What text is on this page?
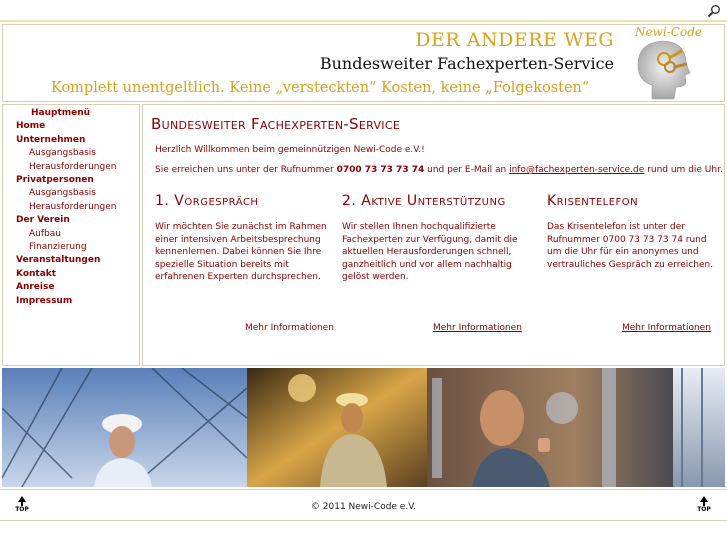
DER ANDERE WEG
Bundesweiter Fachexperten-Service
Komplett unentgeltlich. Keine „versteckten“ Kosten, keine „Folgekosten“
Newi-Code
Hauptmenü
Home
Unternehmen
Ausgangsbasis
Herausforderungen
Privatpersonen
Ausgangsbasis
Herausforderungen
Der Verein
Aufbau
Finanzierung
Veranstaltungen
Kontakt
Anreise
Impressum
Bundesweiter Fachexperten-Service
Herzlich Willkommen beim gemeinnützigen Newi-Code e.V.!
Sie erreichen uns unter der Rufnummer 0700 73 73 73 74 und per E-Mail an info@fachexperten-service.de rund um die Uhr.
1. Vorgespräch
Wir möchten Sie zunächst im Rahmen einer intensiven Arbeitsbesprechung kennenlernen. Dabei können Sie Ihre spezielle Situation bereits mit erfahrenen Experten durchsprechen.
2. Aktive Unterstützung
Wir stellen Ihnen hochqualifizierte Fachexperten zur Verfügung, damit die aktuellen Herausforderungen schnell, ganzheitlich und vor allem nachhaltig gelöst werden.
Krisentelefon
Das Krisentelefon ist unter der Rufnummer 0700 73 73 73 74 rund um die Uhr für ein anonymes und vertrauliches Gespräch zu erreichen.
Mehr Informationen	Mehr Informationen	Mehr Informationen
TOP	© 2011 Newi-Code e.V.	TOP
